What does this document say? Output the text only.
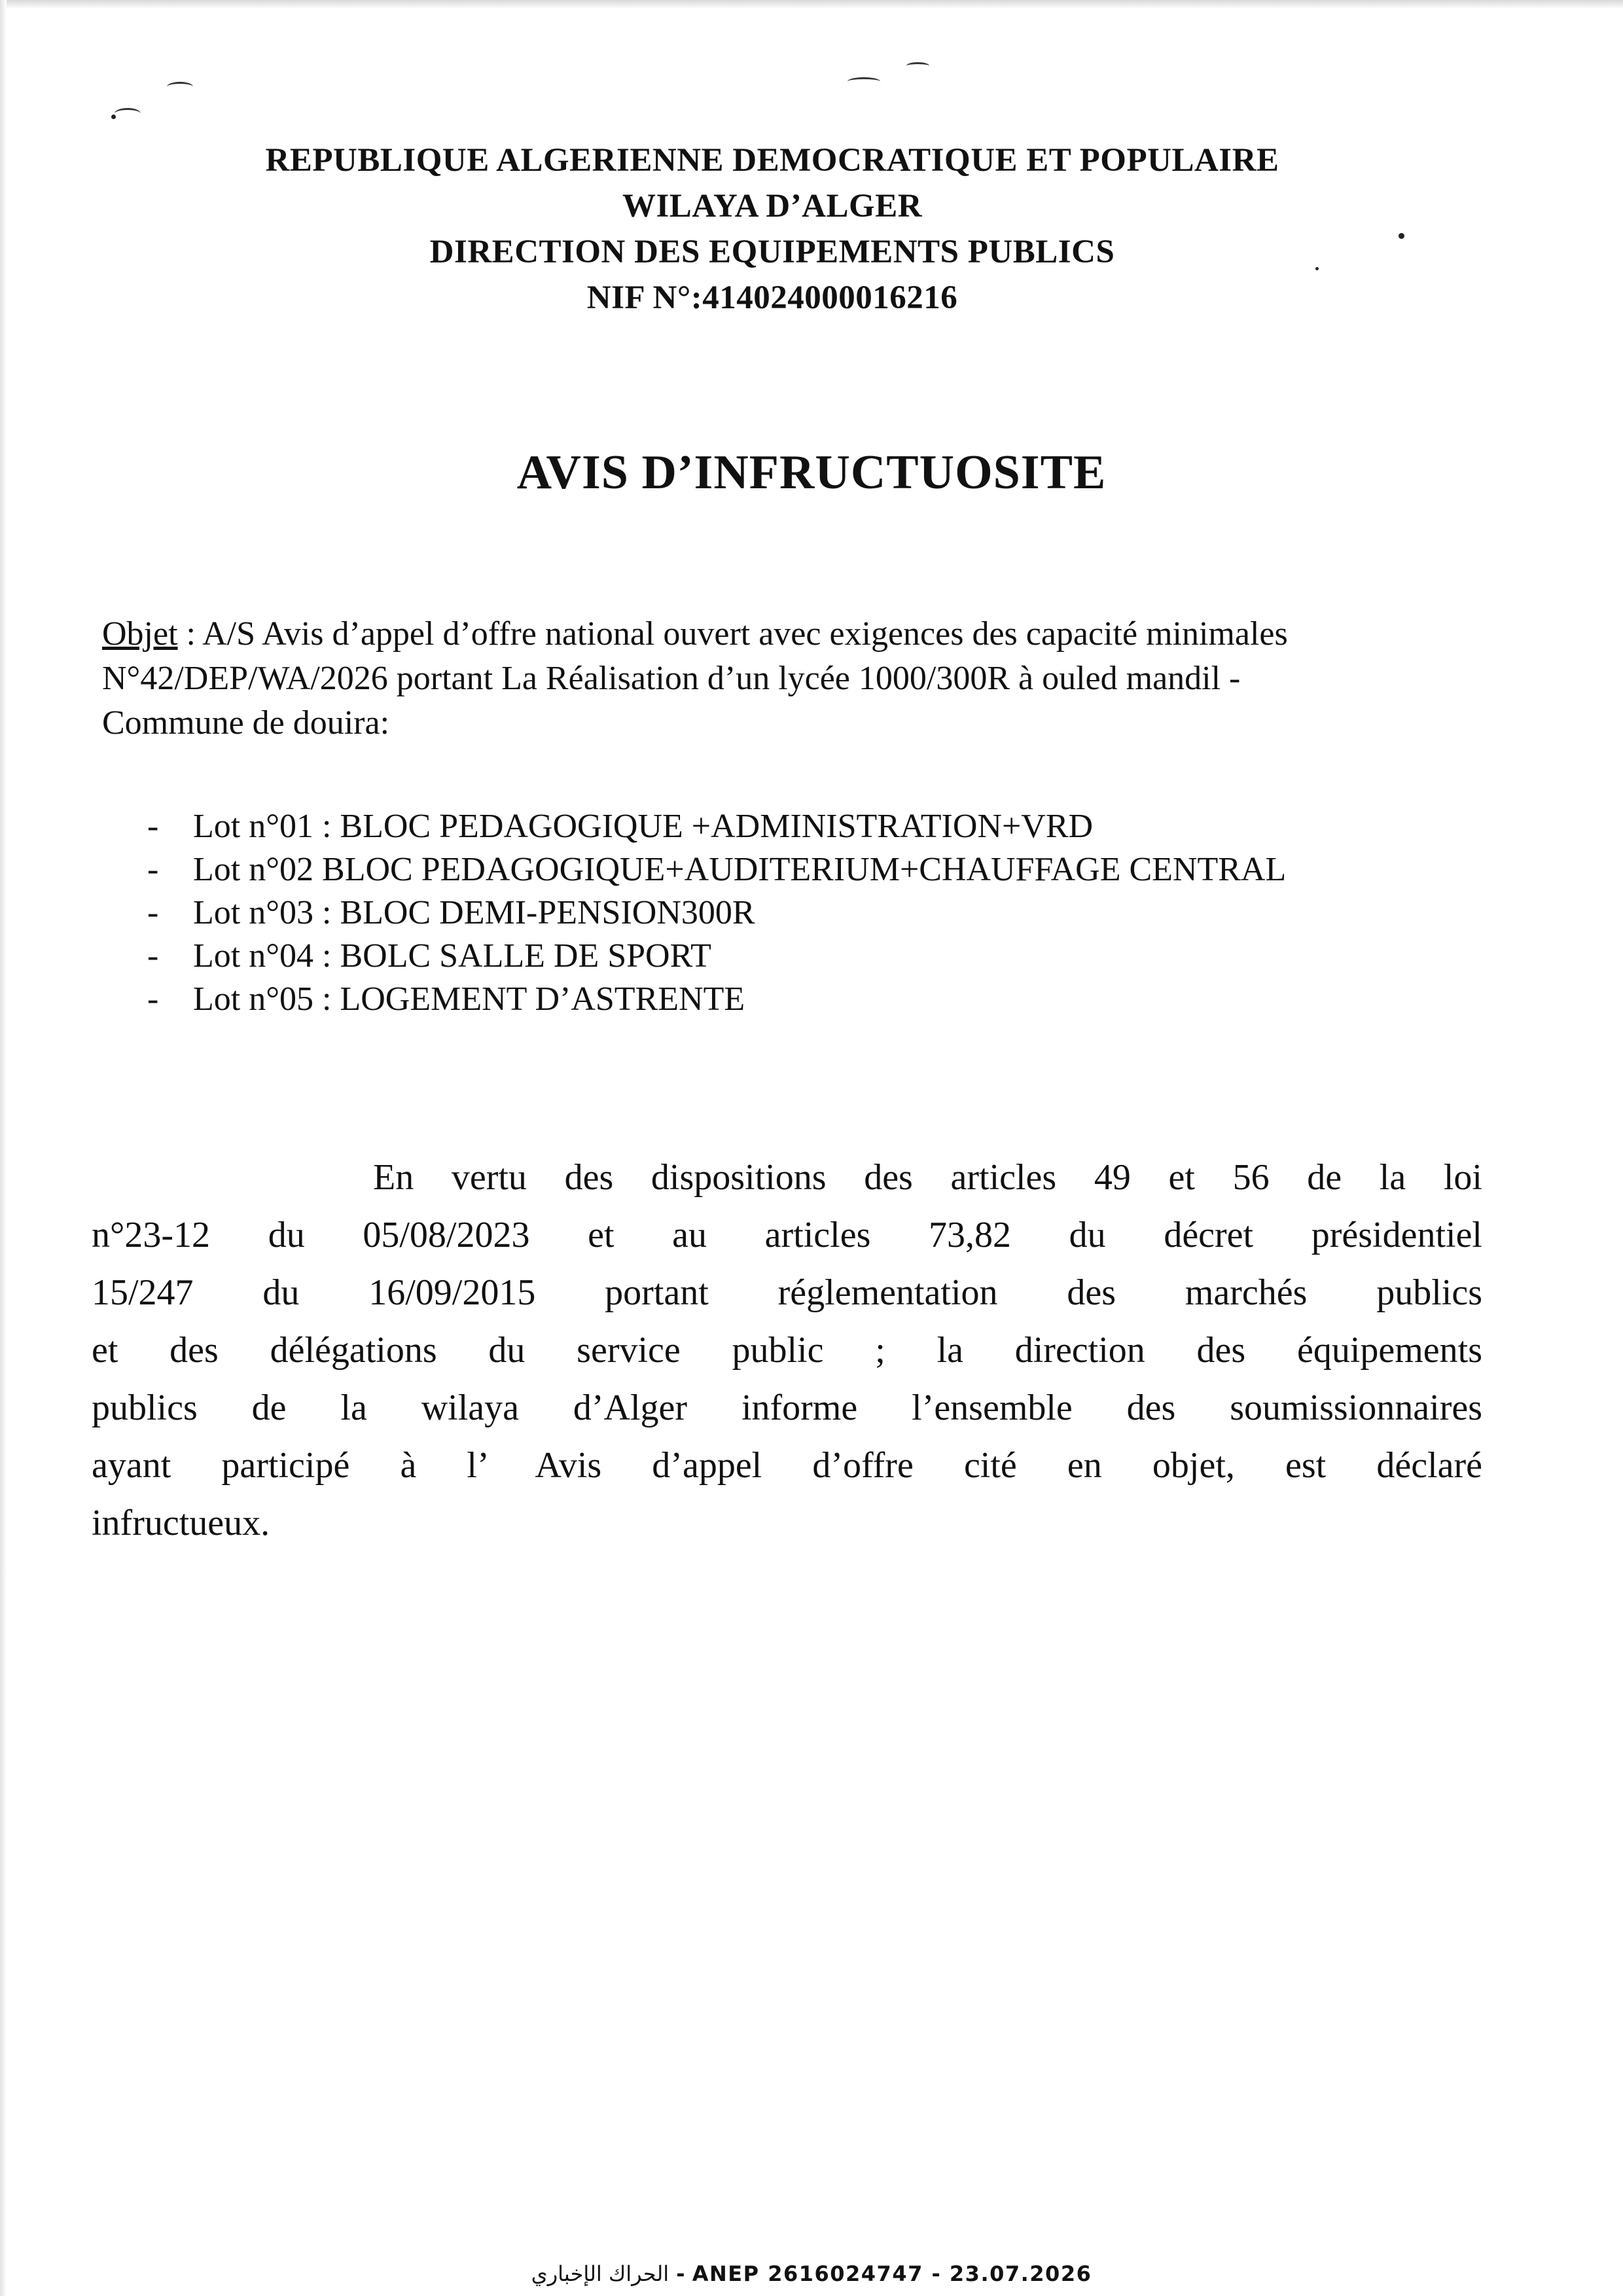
REPUBLIQUE ALGERIENNE DEMOCRATIQUE ET POPULAIRE
WILAYA D’ALGER
DIRECTION DES EQUIPEMENTS PUBLICS
NIF N°:414024000016216
AVIS D’INFRUCTUOSITE
Objet : A/S Avis d’appel d’offre national ouvert avec exigences des capacité minimales
N°42/DEP/WA/2026 portant La Réalisation d’un lycée 1000/300R à ouled mandil -
Commune de douira:
-	Lot n°01 : BLOC PEDAGOGIQUE +ADMINISTRATION+VRD
-	Lot n°02 BLOC PEDAGOGIQUE+AUDITERIUM+CHAUFFAGE CENTRAL
-	Lot n°03 : BLOC DEMI-PENSION300R
-	Lot n°04 : BOLC SALLE DE SPORT
-	Lot n°05 : LOGEMENT D’ASTRENTE
En vertu des dispositions des articles 49 et 56 de la loi
n°23-12 du 05/08/2023 et au articles 73,82 du décret présidentiel
15/247 du 16/09/2015 portant réglementation des marchés publics
et des délégations du service public ; la direction des équipements
publics de la wilaya d’Alger informe l’ensemble des soumissionnaires
ayant participé à l’ Avis d’appel d’offre cité en objet, est déclaré
infructueux.
الحراك الإخباري - ANEP 2616024747 - 23.07.2026
